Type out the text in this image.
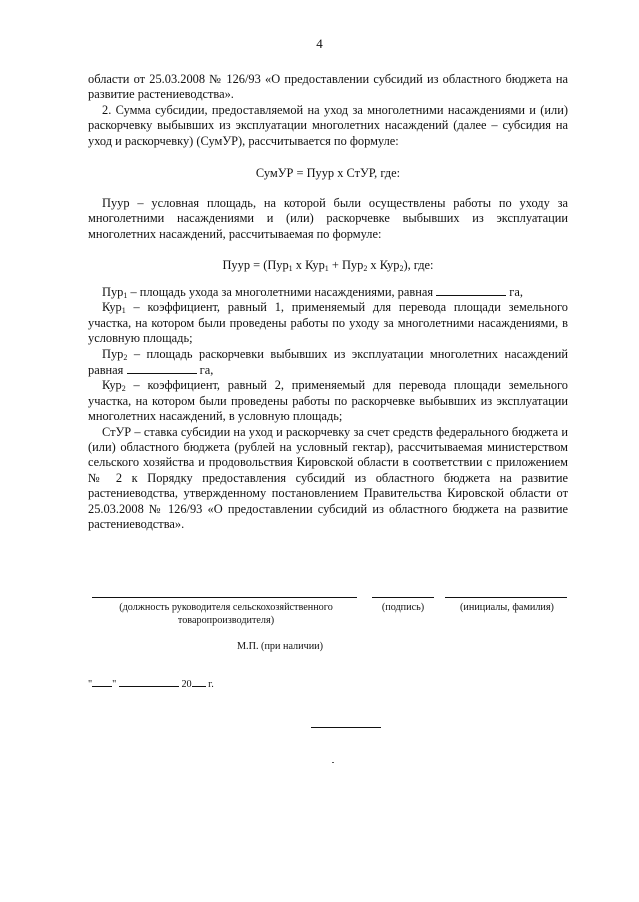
4

области от 25.03.2008 № 126/93 «О предоставлении субсидий из областного бюджета на развитие растениеводства».

2. Сумма субсидии, предоставляемой на уход за многолетними насаждениями и (или) раскорчевку выбывших из эксплуатации многолетних насаждений (далее – субсидия на уход и раскорчевку) (СумУР), рассчитывается по формуле:

СумУР = Пуур х СтУР, где:

Пуур – условная площадь, на которой были осуществлены работы по уходу за многолетними насаждениями и (или) раскорчевке выбывших из эксплуатации многолетних насаждений, рассчитываемая по формуле:

Пуур = (Пур$_1$ х Кур$_1$ + Пур$_2$ х Кур$_2$), где:

Пур$_1$ – площадь ухода за многолетними насаждениями, равная	га,

Кур$_1$ – коэффициент, равный 1, применяемый для перевода площади земельного участка, на котором были проведены работы по уходу за многолетними насаждениями, в условную площадь;

Пур$_2$ – площадь раскорчевки выбывших из эксплуатации многолетних насаждений равная	га,

Кур$_2$ – коэффициент, равный 2, применяемый для перевода площади земельного участка, на котором были проведены работы по раскорчевке выбывших из эксплуатации многолетних насаждений, в условную площадь;

СтУР – ставка субсидии на уход и раскорчевку за счет средств федерального бюджета и (или) областного бюджета (рублей на условный гектар), рассчитываемая министерством сельского хозяйства и продовольствия Кировской области в соответствии с приложением № 2 к Порядку предоставления субсидий из областного бюджета на развитие растениеводства, утвержденному постановлением Правительства Кировской области от 25.03.2008 № 126/93 «О предоставлении субсидий из областного бюджета на развитие растениеводства».

(должность руководителя сельскохозяйственного товаропроизводителя)
(подпись)	(инициалы, фамилия)
М.П. (при наличии)
" "	20 г.
